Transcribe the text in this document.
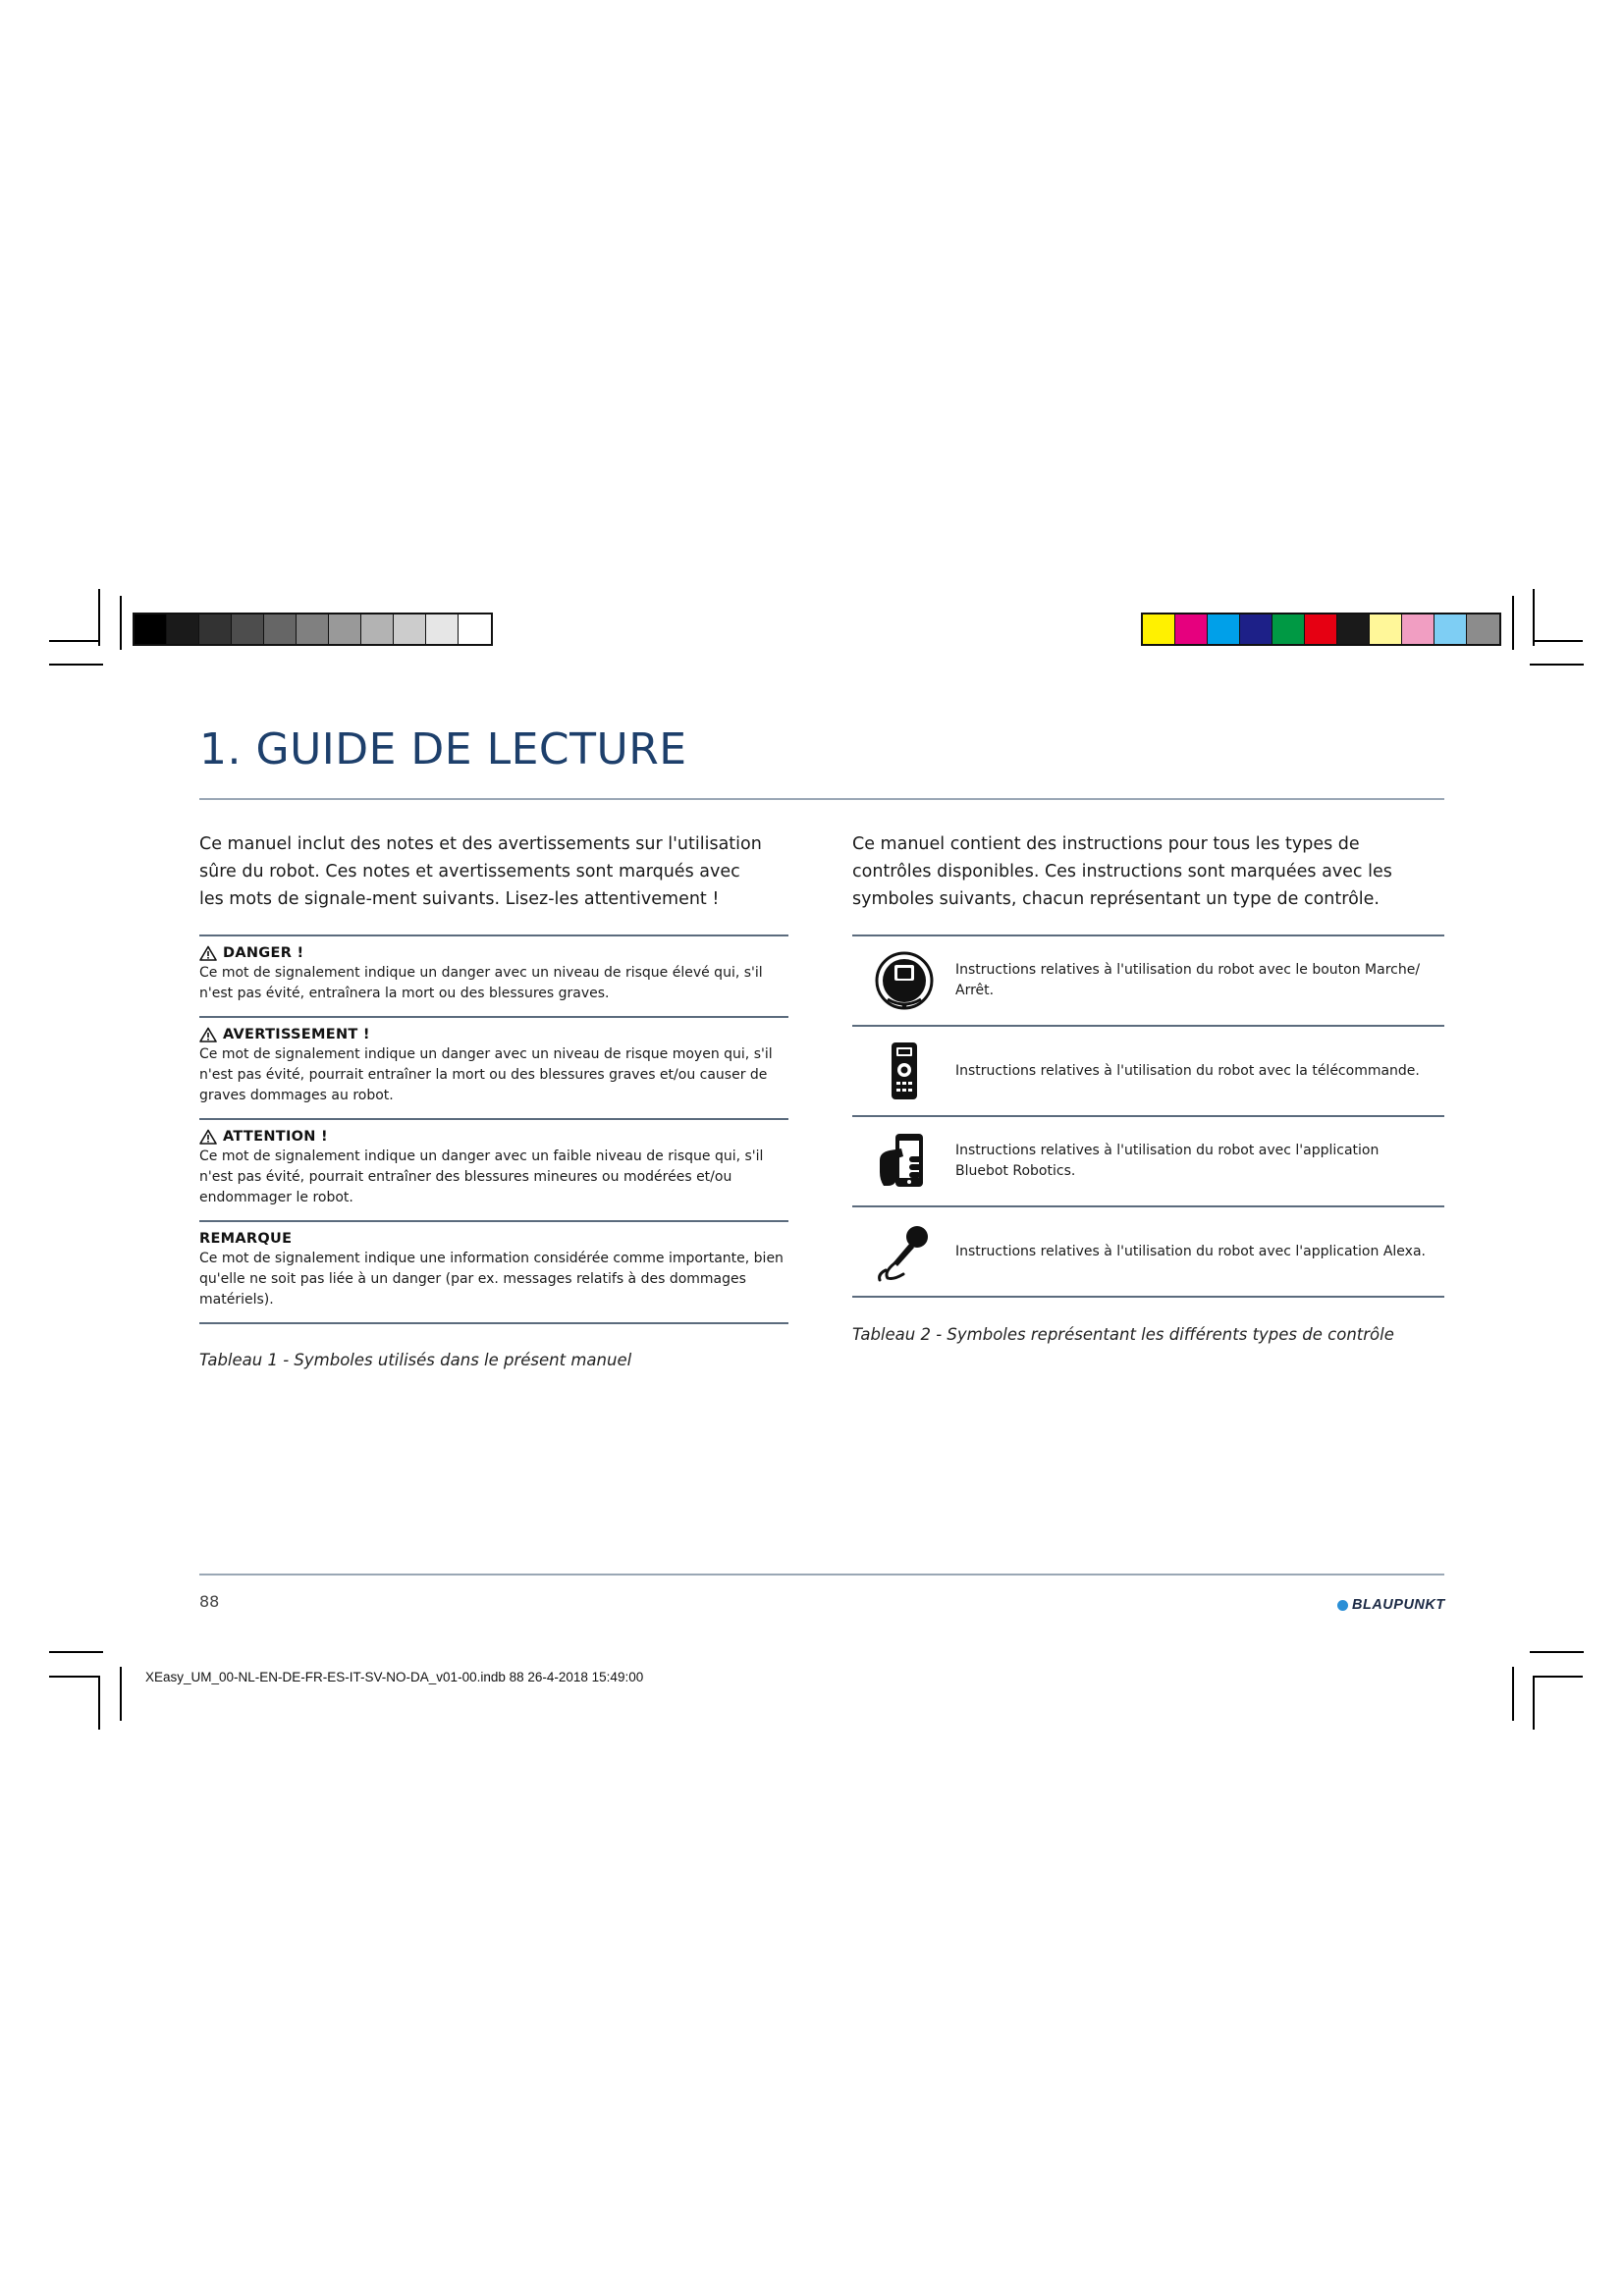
1. GUIDE DE LECTURE

Ce manuel inclut des notes et des avertissements sur l'utilisation sûre du robot. Ces notes et avertissements sont marqués avec les mots de signale-ment suivants. Lisez-les attentivement !

Ce manuel contient des instructions pour tous les types de contrôles disponibles. Ces instructions sont marquées avec les symboles suivants, chacun représentant un type de contrôle.

DANGER !
Ce mot de signalement indique un danger avec un niveau de risque élevé qui, s'il n'est pas évité, entraînera la mort ou des blessures graves.
AVERTISSEMENT !
Ce mot de signalement indique un danger avec un niveau de risque moyen qui, s'il n'est pas évité, pourrait entraîner la mort ou des blessures graves et/ou causer de graves dommages au robot.
ATTENTION !
Ce mot de signalement indique un danger avec un faible niveau de risque qui, s'il n'est pas évité, pourrait entraîner des blessures mineures ou modérées et/ou endommager le robot.
REMARQUE
Ce mot de signalement indique une information considérée comme importante, bien qu'elle ne soit pas liée à un danger (par ex. messages relatifs à des dommages matériels).
Tableau 1 - Symboles utilisés dans le présent manuel
Instructions relatives à l'utilisation du robot avec le bouton Marche/ Arrêt.
Instructions relatives à l'utilisation du robot avec la télécommande.
Instructions relatives à l'utilisation du robot avec l'application Bluebot Robotics.
Instructions relatives à l'utilisation du robot avec l'application Alexa.
Tableau 2 - Symboles représentant les différents types de contrôle
88	BLAUPUNKT
XEasy_UM_00-NL-EN-DE-FR-ES-IT-SV-NO-DA_v01-00.indb 88 26-4-2018 15:49:00
